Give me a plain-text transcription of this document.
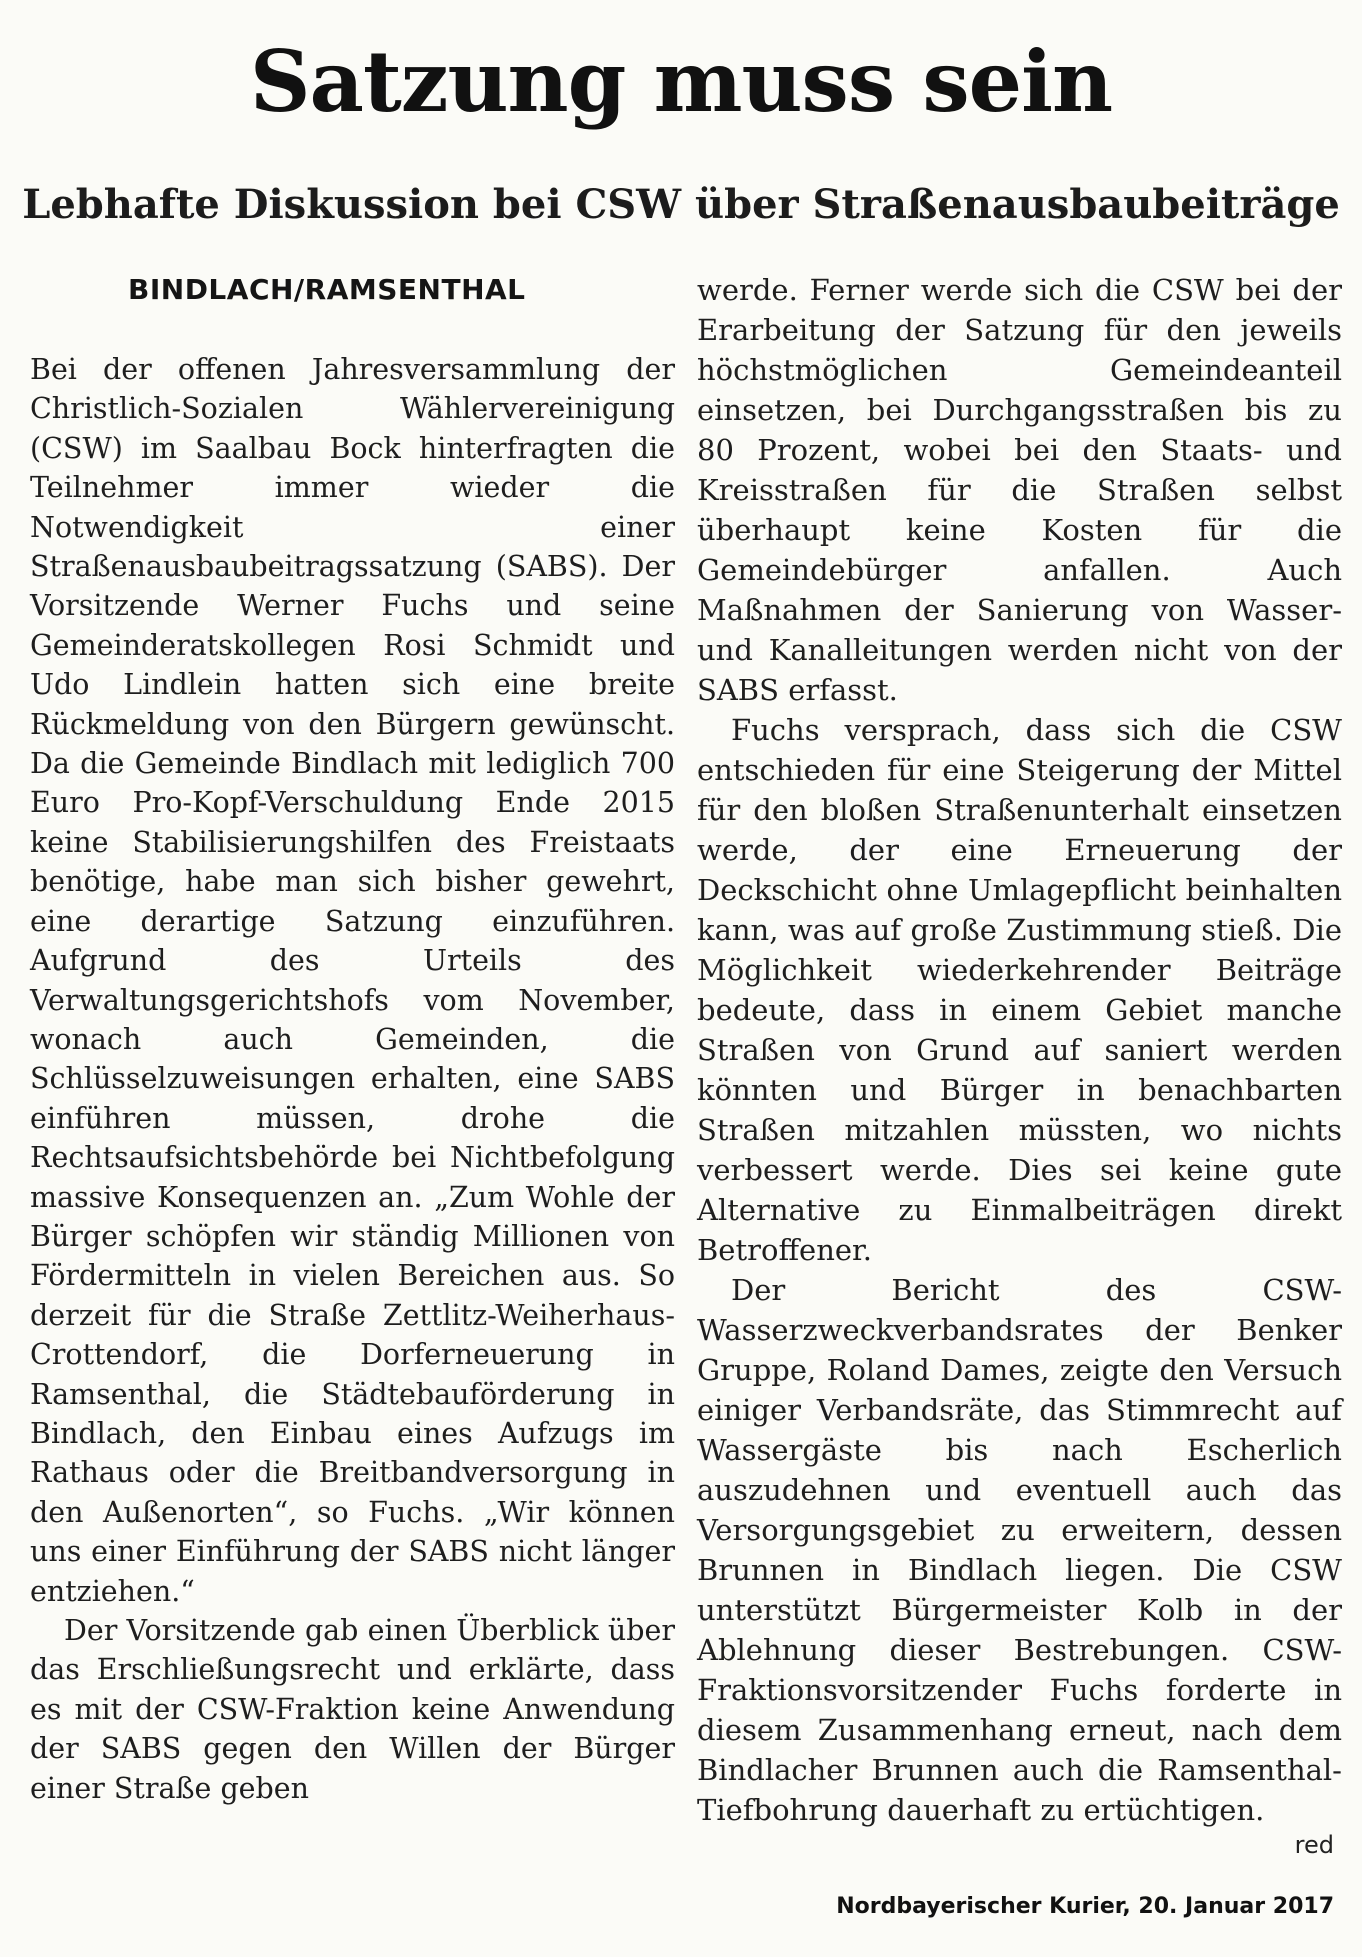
Satzung muss sein
Lebhafte Diskussion bei CSW über Straßenausbaubeiträge
BINDLACH/RAMSENTHAL

Bei der offenen Jahresversammlung der Christlich-Sozialen Wählervereinigung (CSW) im Saalbau Bock hinterfragten die Teilnehmer immer wieder die Notwendigkeit einer Straßenausbaubeitragssatzung (SABS). Der Vorsitzende Werner Fuchs und seine Gemeinderatskollegen Rosi Schmidt und Udo Lindlein hatten sich eine breite Rückmeldung von den Bürgern gewünscht. Da die Gemeinde Bindlach mit lediglich 700 Euro Pro-Kopf-Verschuldung Ende 2015 keine Stabilisierungshilfen des Freistaats benötige, habe man sich bisher gewehrt, eine derartige Satzung einzuführen. Aufgrund des Urteils des Verwaltungsgerichtshofs vom November, wonach auch Gemeinden, die Schlüsselzuweisungen erhalten, eine SABS einführen müssen, drohe die Rechtsaufsichtsbehörde bei Nichtbefolgung massive Konsequenzen an. „Zum Wohle der Bürger schöpfen wir ständig Millionen von Fördermitteln in vielen Bereichen aus. So derzeit für die Straße Zettlitz-Weiherhaus-Crottendorf, die Dorferneuerung in Ramsenthal, die Städtebauförderung in Bindlach, den Einbau eines Aufzugs im Rathaus oder die Breitbandversorgung in den Außenorten“, so Fuchs. „Wir können uns einer Einführung der SABS nicht länger entziehen.“

Der Vorsitzende gab einen Überblick über das Erschließungsrecht und erklärte, dass es mit der CSW-Fraktion keine Anwendung der SABS gegen den Willen der Bürger einer Straße geben

werde. Ferner werde sich die CSW bei der Erarbeitung der Satzung für den jeweils höchstmöglichen Gemeindeanteil einsetzen, bei Durchgangsstraßen bis zu 80 Prozent, wobei bei den Staats- und Kreisstraßen für die Straßen selbst überhaupt keine Kosten für die Gemeindebürger anfallen. Auch Maßnahmen der Sanierung von Wasser- und Kanalleitungen werden nicht von der SABS erfasst.

Fuchs versprach, dass sich die CSW entschieden für eine Steigerung der Mittel für den bloßen Straßenunterhalt einsetzen werde, der eine Erneuerung der Deckschicht ohne Umlagepflicht beinhalten kann, was auf große Zustimmung stieß. Die Möglichkeit wiederkehrender Beiträge bedeute, dass in einem Gebiet manche Straßen von Grund auf saniert werden könnten und Bürger in benachbarten Straßen mitzahlen müssten, wo nichts verbessert werde. Dies sei keine gute Alternative zu Einmalbeiträgen direkt Betroffener.

Der Bericht des CSW-Wasserzweckverbandsrates der Benker Gruppe, Roland Dames, zeigte den Versuch einiger Verbandsräte, das Stimmrecht auf Wassergäste bis nach Escherlich auszudehnen und eventuell auch das Versorgungsgebiet zu erweitern, dessen Brunnen in Bindlach liegen. Die CSW unterstützt Bürgermeister Kolb in der Ablehnung dieser Bestrebungen. CSW-Fraktionsvorsitzender Fuchs forderte in diesem Zusammenhang erneut, nach dem Bindlacher Brunnen auch die Ramsenthal-Tiefbohrung dauerhaft zu ertüchtigen.

red
Nordbayerischer Kurier, 20. Januar 2017
